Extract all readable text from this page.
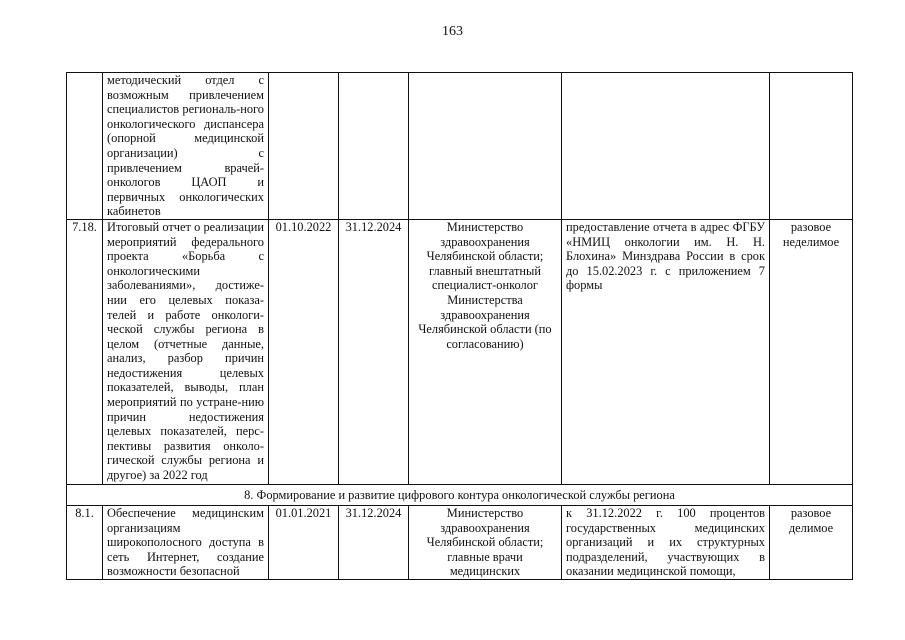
163
	методический отдел с возможным привлечением специалистов региональ-ного онкологического диспансера (опорной медицинской организации) с привлечением врачей-онкологов ЦАОП и первичных онкологических кабинетов					
7.18.	Итоговый отчет о реализации мероприятий федерального проекта «Борьба с онкологическими заболеваниями», достиже-нии его целевых показа-телей и работе онкологи-ческой службы региона в целом (отчетные данные, анализ, разбор причин недостижения целевых показателей, выводы, план мероприятий по устране-нию причин недостижения целевых показателей, перс-пективы развития онколо-гической службы региона и другое) за 2022 год	01.10.2022	31.12.2024	Министерство здравоохранения Челябинской области; главный внештатный специалист-онколог Министерства здравоохранения Челябинской области (по согласованию)	предоставление отчета в адрес ФГБУ «НМИЦ онкологии им. Н. Н. Блохина» Минздрава России в срок до 15.02.2023 г. с приложением 7 формы	разовое неделимое
8. Формирование и развитие цифрового контура онкологической службы региона						
8.1.	Обеспечение медицинским организациям широкополосного доступа в сеть Интернет, создание возможности безопасной	01.01.2021	31.12.2024	Министерство здравоохранения Челябинской области; главные врачи медицинских	к 31.12.2022 г. 100 процентов государственных медицинских организаций и их структурных подразделений, участвующих в оказании медицинской помощи,	разовое делимое
